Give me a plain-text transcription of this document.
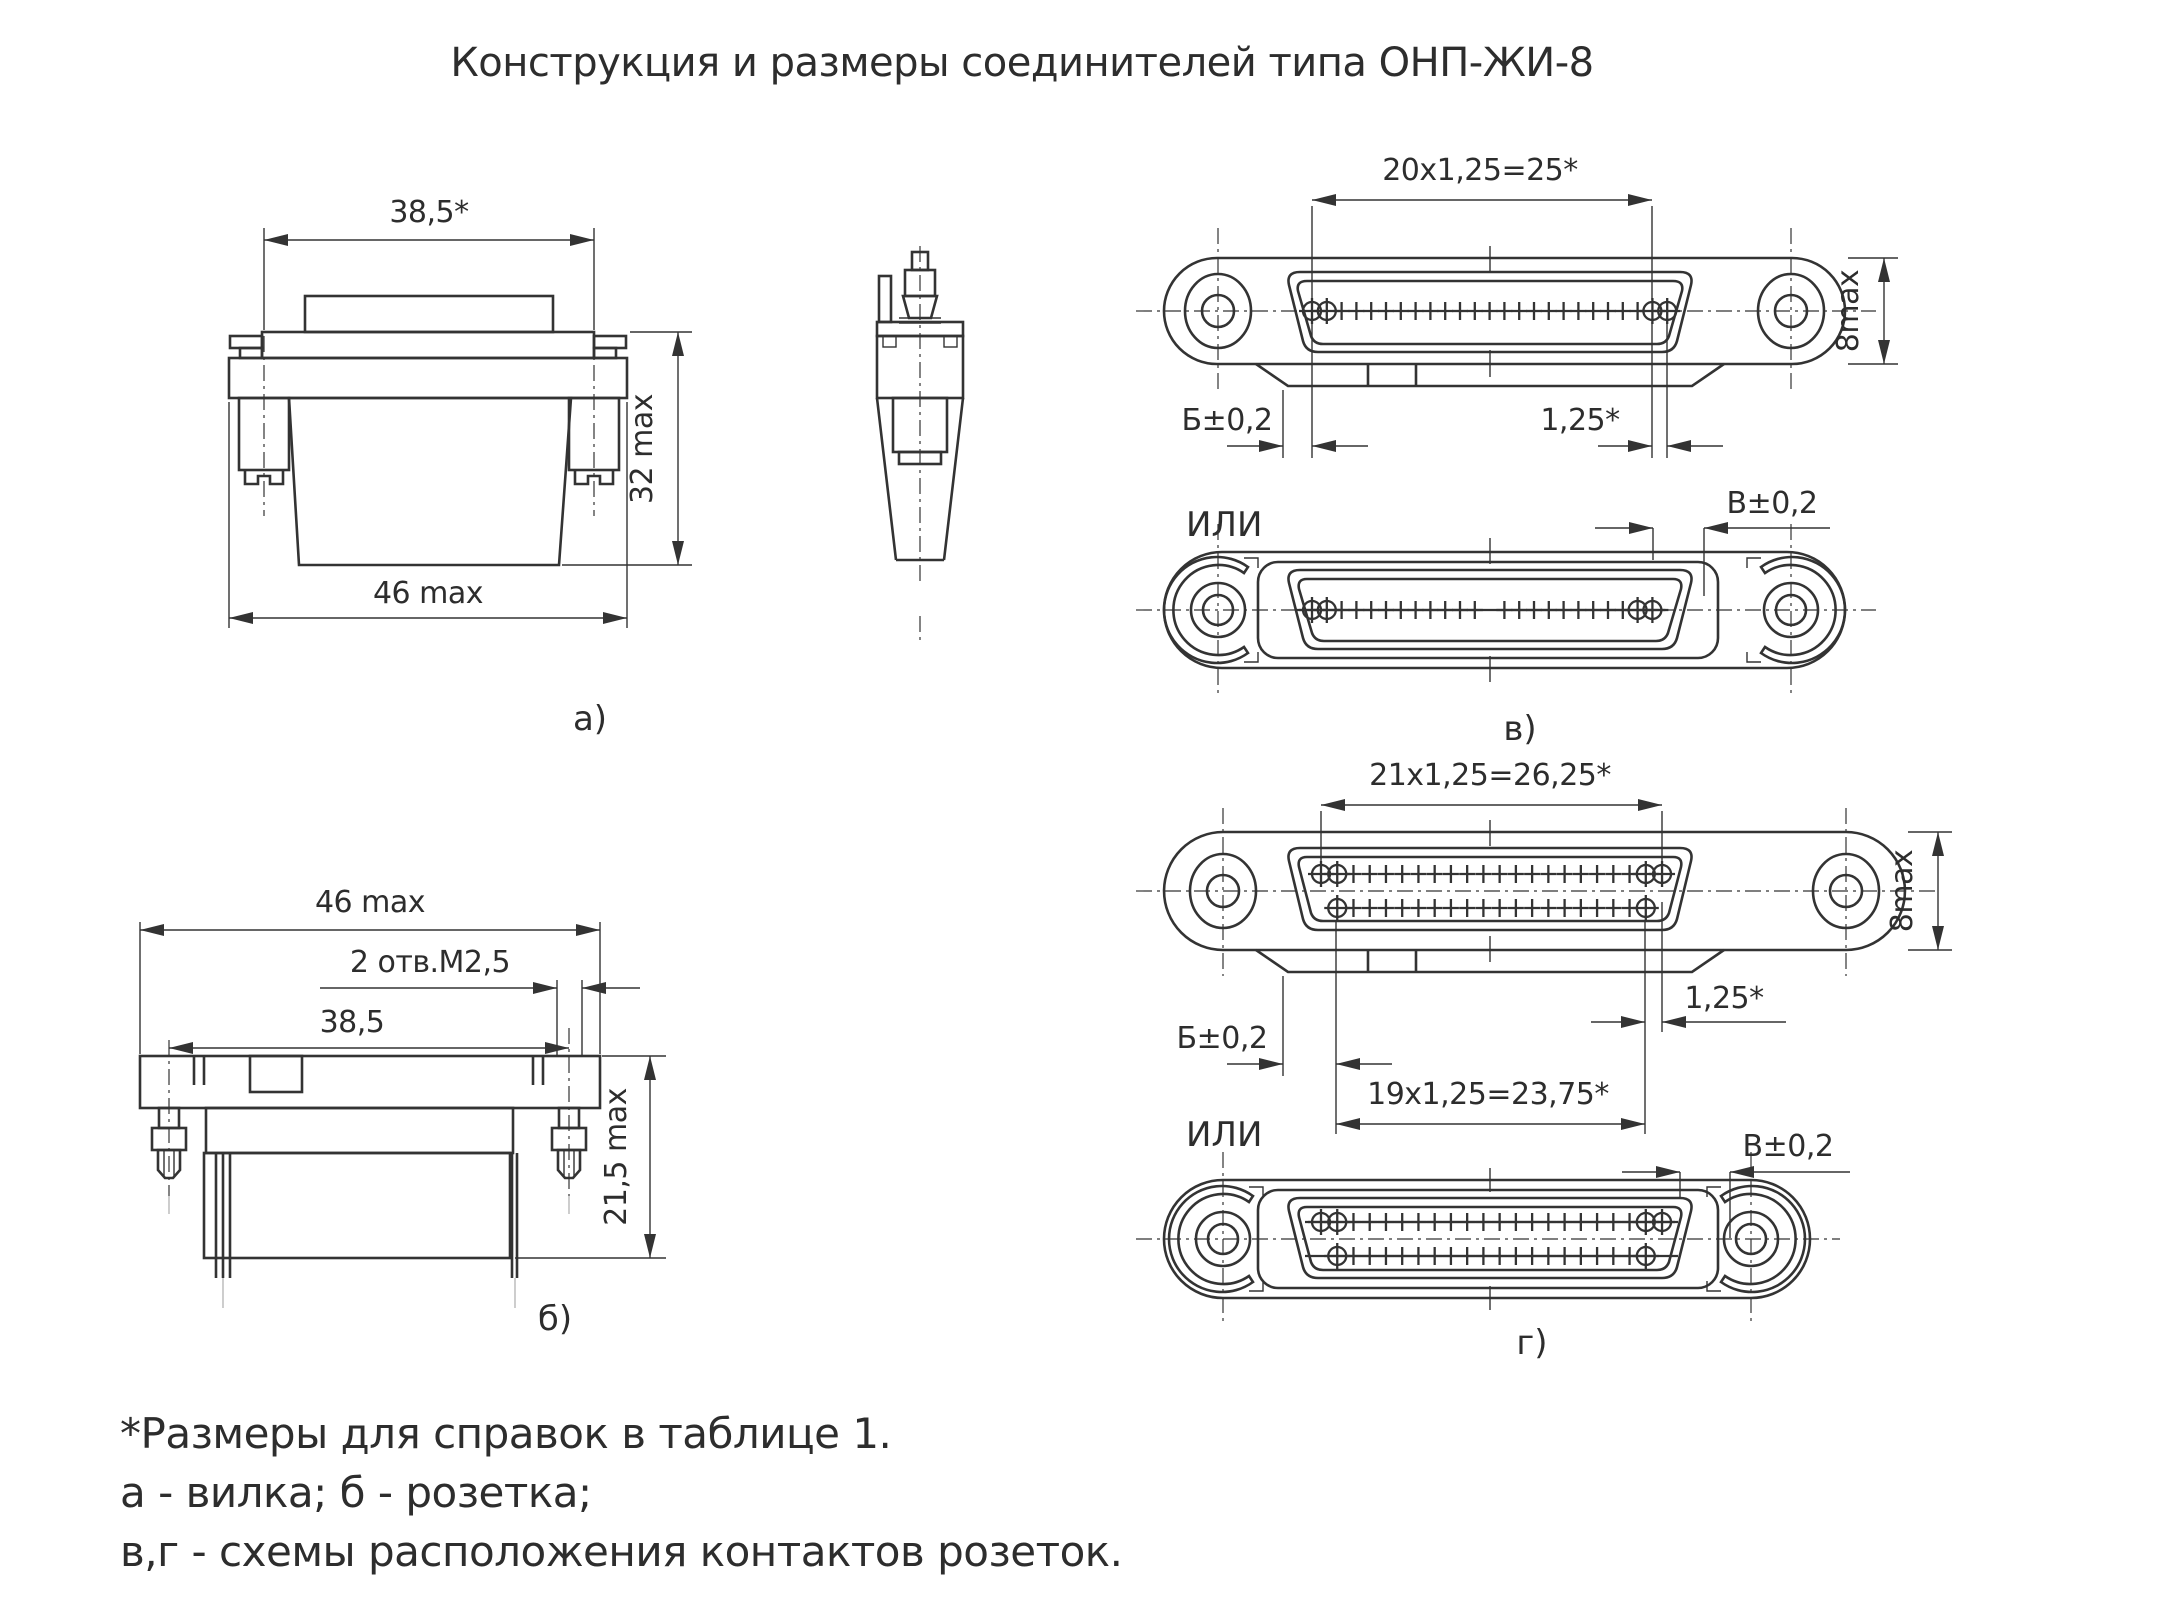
Конструкция и размеры соединителей типа ОНП-ЖИ-8
38,5*
32 max
46 max
а)
20x1,25=25*
8max
Б±0,2	1,25*
ИЛИ
В±0,2
в)
21x1,25=26,25*
8max
Б±0,2
1,25*
19x1,25=23,75*
ИЛИ	В±0,2
г)
46 max
2 отв.М2,5
38,5
21,5 max
б)
*Размеры для справок в таблице 1.
а - вилка; б - розетка;
в,г - схемы расположения контактов розеток.
